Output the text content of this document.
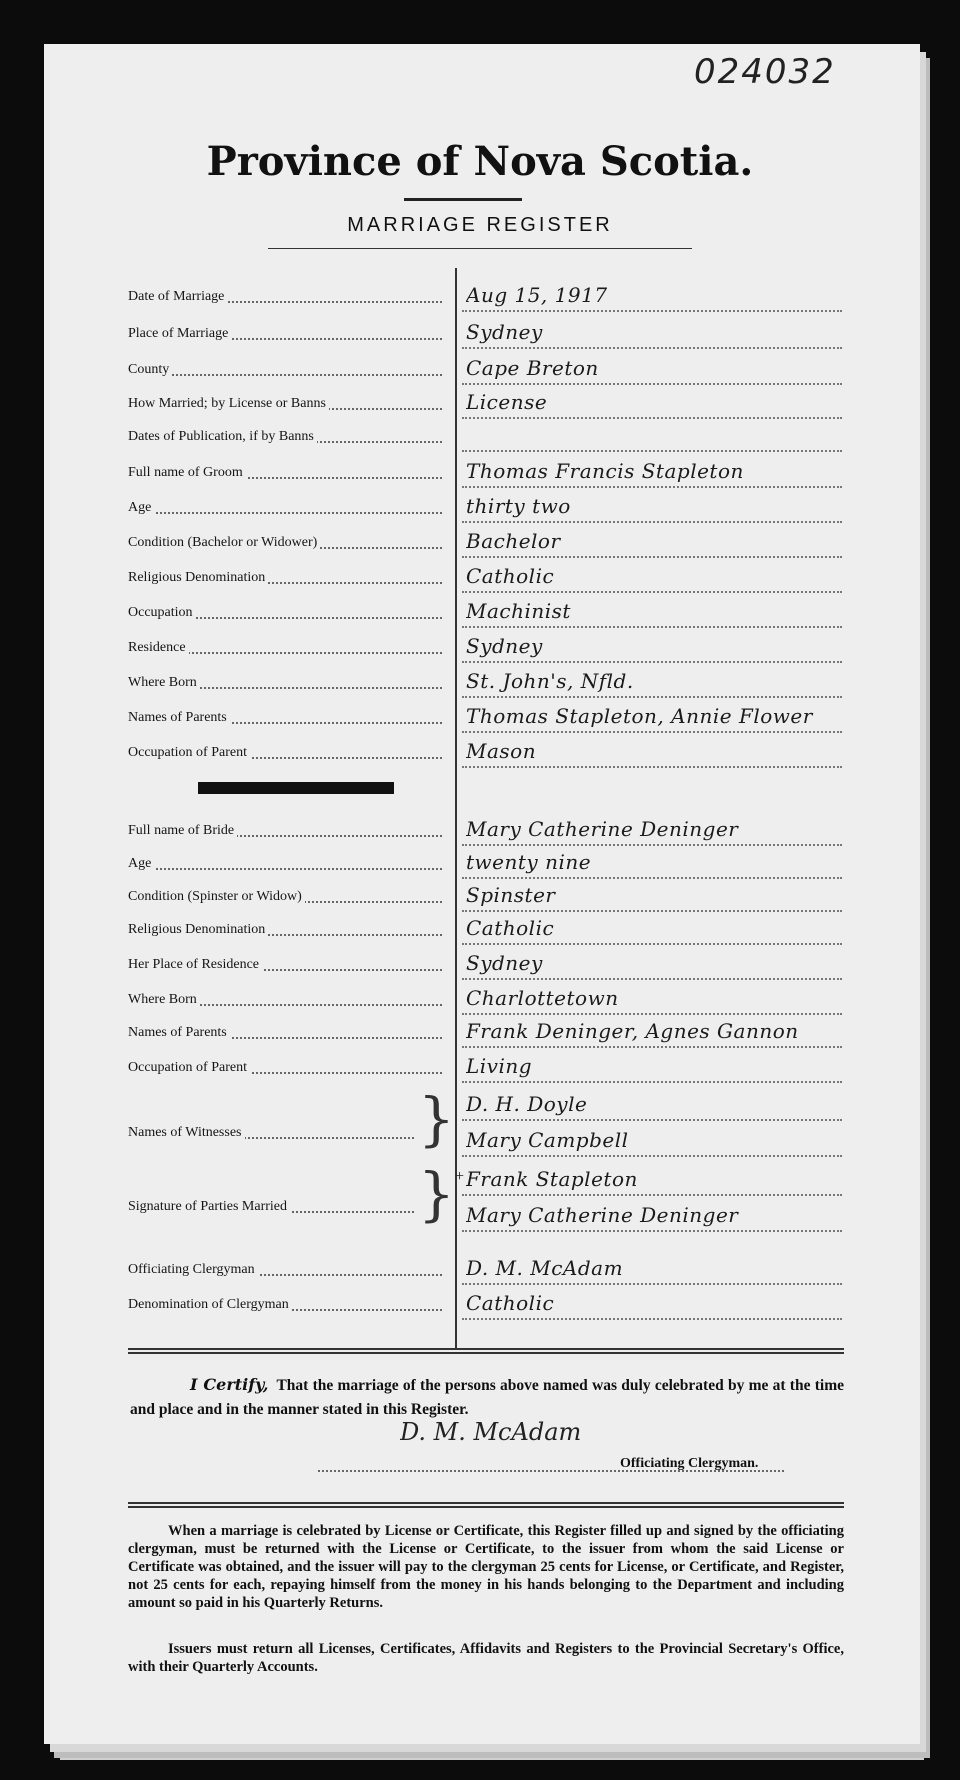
024032
Province of Nova Scotia.
MARRIAGE REGISTER
Date of Marriage	Aug 15, 1917
Place of Marriage	Sydney
County	Cape Breton
How Married; by License or Banns	License
Dates of Publication, if by Banns
Full name of Groom	Thomas Francis Stapleton
Age	thirty two
Condition (Bachelor or Widower)	Bachelor
Religious Denomination	Catholic
Occupation	Machinist
Residence	Sydney
Where Born	St. John's, Nfld.
Names of Parents	Thomas Stapleton, Annie Flower
Occupation of Parent	Mason
Full name of Bride	Mary Catherine Deninger
Age	twenty nine
Condition (Spinster or Widow)	Spinster
Religious Denomination	Catholic
Her Place of Residence	Sydney
Where Born	Charlottetown
Names of Parents	Frank Deninger, Agnes Gannon
Occupation of Parent	Living
Names of Witnesses	} D. H. Doyle
Mary Campbell
Signature of Parties Married	} + Frank Stapleton
Mary Catherine Deninger
Officiating Clergyman	D. M. McAdam
Denomination of Clergyman	Catholic
I Certify, That the marriage of the persons above named was duly celebrated by me at the time and place and in the manner stated in this Register.
D. M. McAdam
Officiating Clergyman.
When a marriage is celebrated by License or Certificate, this Register filled up and signed by the officiating clergyman, must be returned with the License or Certificate, to the issuer from whom the said License or Certificate was obtained, and the issuer will pay to the clergyman 25 cents for License, or Certificate, and Register, not 25 cents for each, repaying himself from the money in his hands belonging to the Department and including amount so paid in his Quarterly Returns.
Issuers must return all Licenses, Certificates, Affidavits and Registers to the Provincial Secretary's Office, with their Quarterly Accounts.
